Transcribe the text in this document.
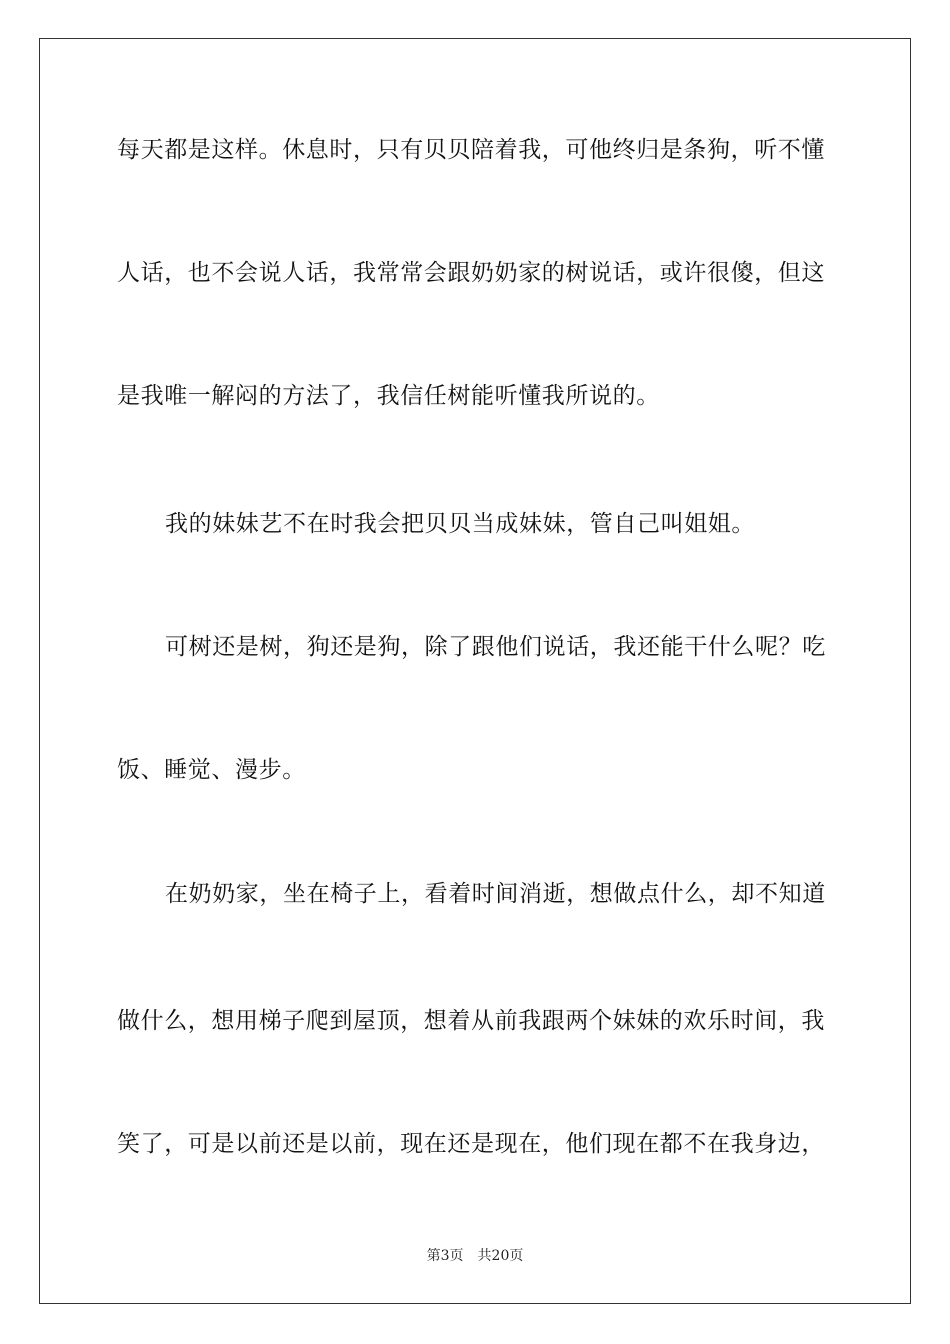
每天都是这样。休息时，只有贝贝陪着我，可他终归是条狗，听不懂
人话，也不会说人话，我常常会跟奶奶家的树说话，或许很傻，但这
是我唯一解闷的方法了，我信任树能听懂我所说的。
我的妹妹艺不在时我会把贝贝当成妹妹，管自己叫姐姐。
可树还是树，狗还是狗，除了跟他们说话，我还能干什么呢？吃
饭、睡觉、漫步。
在奶奶家，坐在椅子上，看着时间消逝，想做点什么，却不知道
做什么，想用梯子爬到屋顶，想着从前我跟两个妹妹的欢乐时间，我
笑了，可是以前还是以前，现在还是现在，他们现在都不在我身边，
第3页 共20页
